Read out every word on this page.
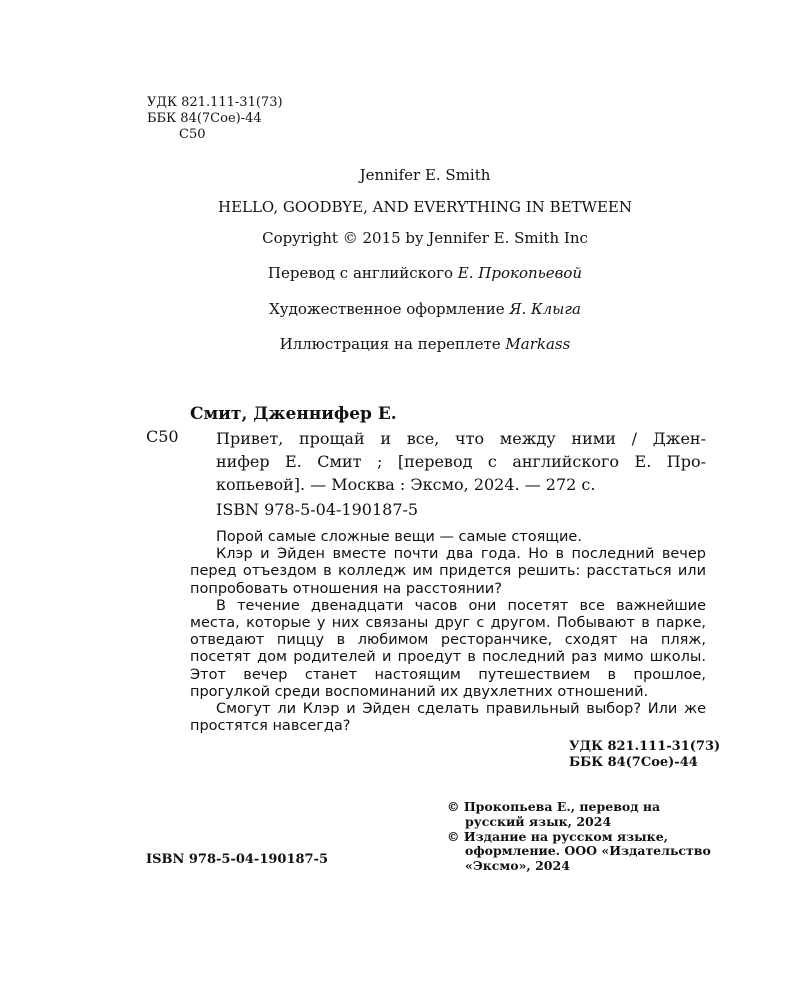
УДК 821.111-31(73)
ББК 84(7Сое)-44
С50
Jennifer E. Smith
HELLO, GOODBYE, AND EVERYTHING IN BETWEEN
Copyright © 2015 by Jennifer E. Smith Inc
Перевод с английского Е. Прокопьевой
Художественное оформление Я. Клыга
Иллюстрация на переплете Markass
Смит, Дженнифер Е.
С50 Привет, прощай и все, что между ними / Джен-
нифер Е. Смит ; [перевод с английского Е. Про-
копьевой]. — Москва : Эксмо, 2024. — 272 с.
ISBN 978-5-04-190187-5

Порой самые сложные вещи — самые стоящие.

Клэр и Эйден вместе почти два года. Но в последний вечер перед отъездом в колледж им придется решить: расстаться или попробовать отношения на расстоянии?

В течение двенадцати часов они посетят все важнейшие места, которые у них связаны друг с другом. Побывают в парке, отведают пиццу в любимом ресторанчике, сходят на пляж, посетят дом родителей и проедут в последний раз мимо школы. Этот вечер станет настоящим путешествием в прошлое, прогулкой среди воспоминаний их двухлетних отношений.

Смогут ли Клэр и Эйден сделать правильный выбор? Или же простятся навсегда?

УДК 821.111-31(73)
ББК 84(7Сое)-44
© Прокопьева Е., перевод на русский язык, 2024
© Издание на русском языке, оформление. ООО «Издательство «Эксмо», 2024
ISBN 978-5-04-190187-5
